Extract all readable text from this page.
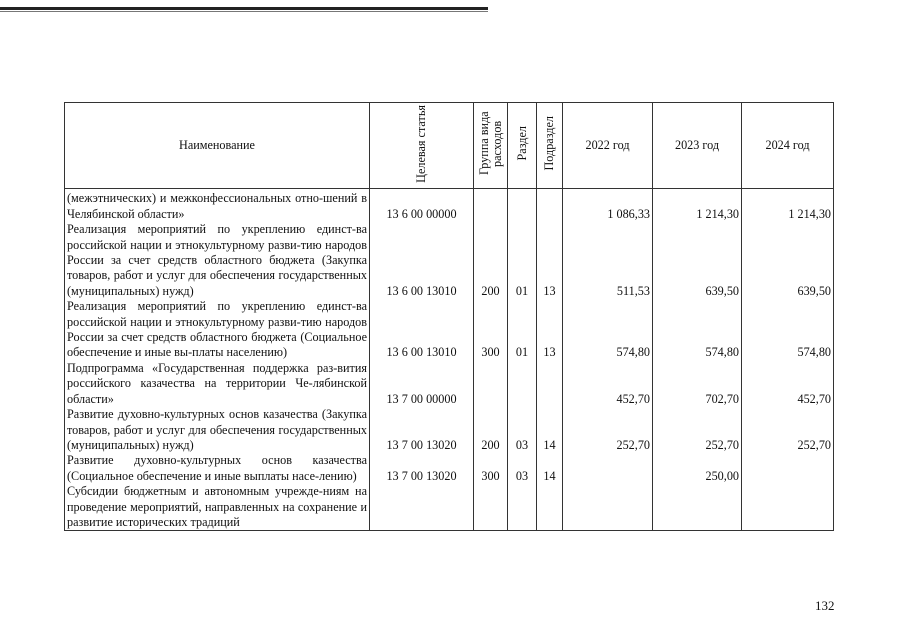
Наименование	Целевая статья	Группа вида расходов	Раздел	Подраздел	2022 год	2023 год	2024 год
(межэтнических) и межконфессиональных отно-шений в Челябинской области»	13 6 00 00000				1 086,33	1 214,30	1 214,30
Реализация мероприятий по укреплению единст-ва российской нации и этнокультурному разви-тию народов России за счет средств областного бюджета (Закупка товаров, работ и услуг для обеспечения государственных (муниципальных) нужд)	13 6 00 13010	200	01	13	511,53	639,50	639,50
Реализация мероприятий по укреплению единст-ва российской нации и этнокультурному разви-тию народов России за счет средств областного бюджета (Социальное обеспечение и иные вы-платы населению)	13 6 00 13010	300	01	13	574,80	574,80	574,80
Подпрограмма «Государственная поддержка раз-вития российского казачества на территории Че-лябинской области»	13 7 00 00000				452,70	702,70	452,70
Развитие духовно-культурных основ казачества (Закупка товаров, работ и услуг для обеспечения государственных (муниципальных) нужд)	13 7 00 13020	200	03	14	252,70	252,70	252,70
Развитие духовно-культурных основ казачества (Социальное обеспечение и иные выплаты насе-лению)	13 7 00 13020	300	03	14		250,00	
Субсидии бюджетным и автономным учрежде-ниям на проведение мероприятий, направленных на сохранение и развитие исторических традиций							
132
